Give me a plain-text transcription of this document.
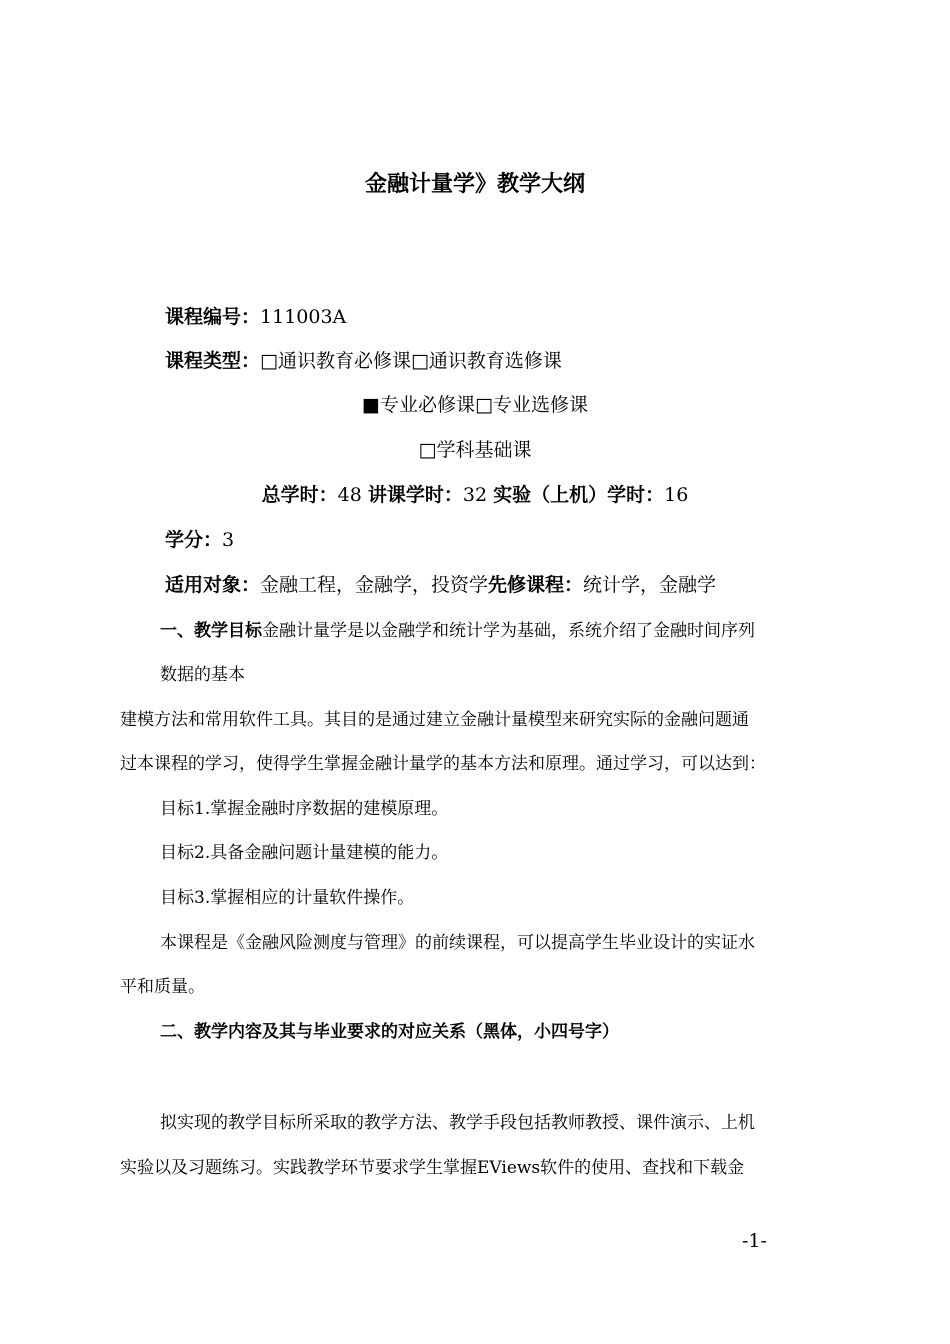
金融计量学》教学大纲
课程编号：111003A
课程类型：□通识教育必修课□通识教育选修课
■专业必修课□专业选修课
□学科基础课
总学时：48 讲课学时：32 实验（上机）学时：16
学分：3
适用对象：金融工程，金融学，投资学先修课程：统计学，金融学
一、教学目标金融计量学是以金融学和统计学为基础，系统介绍了金融时间序列
数据的基本
建模方法和常用软件工具。其目的是通过建立金融计量模型来研究实际的金融问题通
过本课程的学习，使得学生掌握金融计量学的基本方法和原理。通过学习，可以达到：
目标1.掌握金融时序数据的建模原理。
目标2.具备金融问题计量建模的能力。
目标3.掌握相应的计量软件操作。
本课程是《金融风险测度与管理》的前续课程，可以提高学生毕业设计的实证水
平和质量。
二、教学内容及其与毕业要求的对应关系（黑体，小四号字）
拟实现的教学目标所采取的教学方法、教学手段包括教师教授、课件演示、上机
实验以及习题练习。实践教学环节要求学生掌握EViews软件的使用、查找和下载金
-1-
